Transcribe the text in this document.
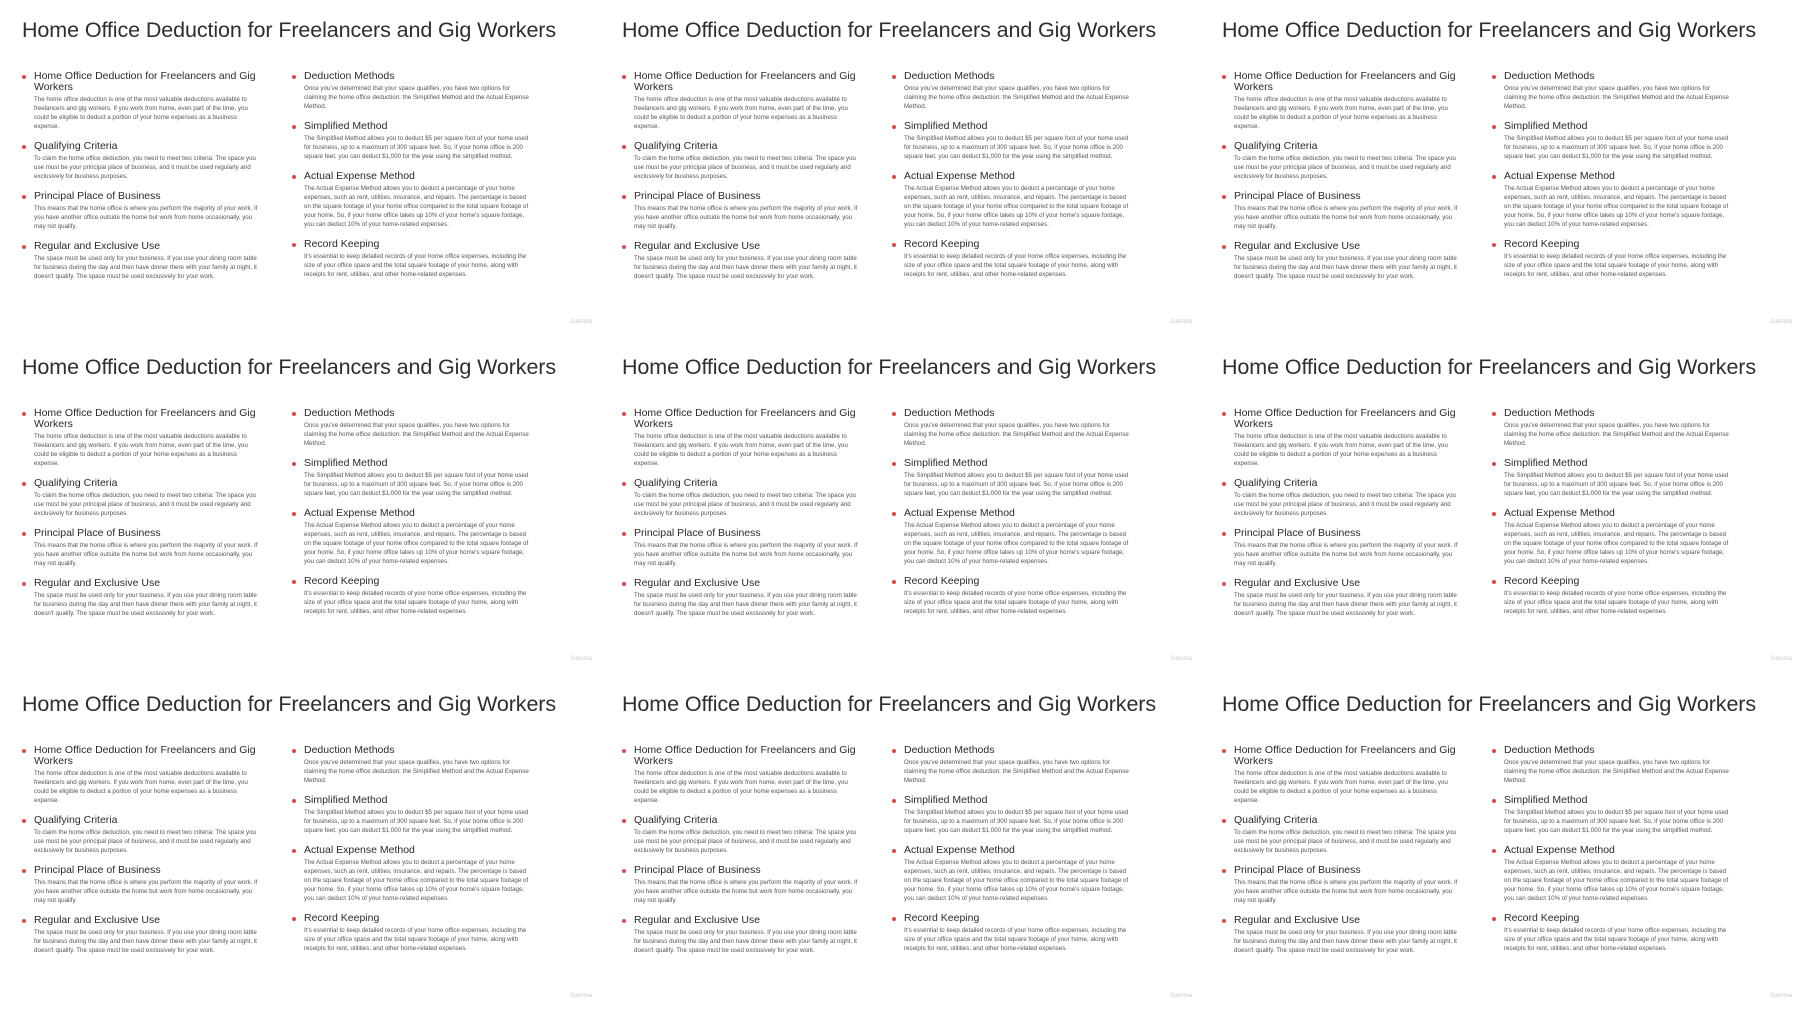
Home Office Deduction for Freelancers and Gig Workers
Home Office Deduction for Freelancers and Gig Workers
The home office deduction is one of the most valuable deductions available to freelancers and gig workers. If you work from home, even part of the time, you could be eligible to deduct a portion of your home expenses as a business expense.
Qualifying Criteria
To claim the home office deduction, you need to meet two criteria: The space you use must be your principal place of business, and it must be used regularly and exclusively for business purposes.
Principal Place of Business
This means that the home office is where you perform the majority of your work. If you have another office outside the home but work from home occasionally, you may not qualify.
Regular and Exclusive Use
The space must be used only for your business. If you use your dining room table for business during the day and then have dinner there with your family at night, it doesn't qualify. The space must be used exclusively for your work.
Deduction Methods
Once you've determined that your space qualifies, you have two options for claiming the home office deduction: the Simplified Method and the Actual Expense Method.
Simplified Method
The Simplified Method allows you to deduct $5 per square foot of your home used for business, up to a maximum of 300 square feet. So, if your home office is 200 square feet, you can deduct $1,000 for the year using the simplified method.
Actual Expense Method
The Actual Expense Method allows you to deduct a percentage of your home expenses, such as rent, utilities, insurance, and repairs. The percentage is based on the square footage of your home office compared to the total square footage of your home. So, if your home office takes up 10% of your home's square footage, you can deduct 10% of your home-related expenses.
Record Keeping
It's essential to keep detailed records of your home office expenses, including the size of your office space and the total square footage of your home, along with receipts for rent, utilities, and other home-related expenses.
Gamma
Home Office Deduction for Freelancers and Gig Workers
Home Office Deduction for Freelancers and Gig Workers
The home office deduction is one of the most valuable deductions available to freelancers and gig workers. If you work from home, even part of the time, you could be eligible to deduct a portion of your home expenses as a business expense.
Qualifying Criteria
To claim the home office deduction, you need to meet two criteria: The space you use must be your principal place of business, and it must be used regularly and exclusively for business purposes.
Principal Place of Business
This means that the home office is where you perform the majority of your work. If you have another office outside the home but work from home occasionally, you may not qualify.
Regular and Exclusive Use
The space must be used only for your business. If you use your dining room table for business during the day and then have dinner there with your family at night, it doesn't qualify. The space must be used exclusively for your work.
Deduction Methods
Once you've determined that your space qualifies, you have two options for claiming the home office deduction: the Simplified Method and the Actual Expense Method.
Simplified Method
The Simplified Method allows you to deduct $5 per square foot of your home used for business, up to a maximum of 300 square feet. So, if your home office is 200 square feet, you can deduct $1,000 for the year using the simplified method.
Actual Expense Method
The Actual Expense Method allows you to deduct a percentage of your home expenses, such as rent, utilities, insurance, and repairs. The percentage is based on the square footage of your home office compared to the total square footage of your home. So, if your home office takes up 10% of your home's square footage, you can deduct 10% of your home-related expenses.
Record Keeping
It's essential to keep detailed records of your home office expenses, including the size of your office space and the total square footage of your home, along with receipts for rent, utilities, and other home-related expenses.
Gamma
Home Office Deduction for Freelancers and Gig Workers
Home Office Deduction for Freelancers and Gig Workers
The home office deduction is one of the most valuable deductions available to freelancers and gig workers. If you work from home, even part of the time, you could be eligible to deduct a portion of your home expenses as a business expense.
Qualifying Criteria
To claim the home office deduction, you need to meet two criteria: The space you use must be your principal place of business, and it must be used regularly and exclusively for business purposes.
Principal Place of Business
This means that the home office is where you perform the majority of your work. If you have another office outside the home but work from home occasionally, you may not qualify.
Regular and Exclusive Use
The space must be used only for your business. If you use your dining room table for business during the day and then have dinner there with your family at night, it doesn't qualify. The space must be used exclusively for your work.
Deduction Methods
Once you've determined that your space qualifies, you have two options for claiming the home office deduction: the Simplified Method and the Actual Expense Method.
Simplified Method
The Simplified Method allows you to deduct $5 per square foot of your home used for business, up to a maximum of 300 square feet. So, if your home office is 200 square feet, you can deduct $1,000 for the year using the simplified method.
Actual Expense Method
The Actual Expense Method allows you to deduct a percentage of your home expenses, such as rent, utilities, insurance, and repairs. The percentage is based on the square footage of your home office compared to the total square footage of your home. So, if your home office takes up 10% of your home's square footage, you can deduct 10% of your home-related expenses.
Record Keeping
It's essential to keep detailed records of your home office expenses, including the size of your office space and the total square footage of your home, along with receipts for rent, utilities, and other home-related expenses.
Gamma
Home Office Deduction for Freelancers and Gig Workers
Home Office Deduction for Freelancers and Gig Workers
The home office deduction is one of the most valuable deductions available to freelancers and gig workers. If you work from home, even part of the time, you could be eligible to deduct a portion of your home expenses as a business expense.
Qualifying Criteria
To claim the home office deduction, you need to meet two criteria: The space you use must be your principal place of business, and it must be used regularly and exclusively for business purposes.
Principal Place of Business
This means that the home office is where you perform the majority of your work. If you have another office outside the home but work from home occasionally, you may not qualify.
Regular and Exclusive Use
The space must be used only for your business. If you use your dining room table for business during the day and then have dinner there with your family at night, it doesn't qualify. The space must be used exclusively for your work.
Deduction Methods
Once you've determined that your space qualifies, you have two options for claiming the home office deduction: the Simplified Method and the Actual Expense Method.
Simplified Method
The Simplified Method allows you to deduct $5 per square foot of your home used for business, up to a maximum of 300 square feet. So, if your home office is 200 square feet, you can deduct $1,000 for the year using the simplified method.
Actual Expense Method
The Actual Expense Method allows you to deduct a percentage of your home expenses, such as rent, utilities, insurance, and repairs. The percentage is based on the square footage of your home office compared to the total square footage of your home. So, if your home office takes up 10% of your home's square footage, you can deduct 10% of your home-related expenses.
Record Keeping
It's essential to keep detailed records of your home office expenses, including the size of your office space and the total square footage of your home, along with receipts for rent, utilities, and other home-related expenses.
Gamma
Home Office Deduction for Freelancers and Gig Workers
Home Office Deduction for Freelancers and Gig Workers
The home office deduction is one of the most valuable deductions available to freelancers and gig workers. If you work from home, even part of the time, you could be eligible to deduct a portion of your home expenses as a business expense.
Qualifying Criteria
To claim the home office deduction, you need to meet two criteria: The space you use must be your principal place of business, and it must be used regularly and exclusively for business purposes.
Principal Place of Business
This means that the home office is where you perform the majority of your work. If you have another office outside the home but work from home occasionally, you may not qualify.
Regular and Exclusive Use
The space must be used only for your business. If you use your dining room table for business during the day and then have dinner there with your family at night, it doesn't qualify. The space must be used exclusively for your work.
Deduction Methods
Once you've determined that your space qualifies, you have two options for claiming the home office deduction: the Simplified Method and the Actual Expense Method.
Simplified Method
The Simplified Method allows you to deduct $5 per square foot of your home used for business, up to a maximum of 300 square feet. So, if your home office is 200 square feet, you can deduct $1,000 for the year using the simplified method.
Actual Expense Method
The Actual Expense Method allows you to deduct a percentage of your home expenses, such as rent, utilities, insurance, and repairs. The percentage is based on the square footage of your home office compared to the total square footage of your home. So, if your home office takes up 10% of your home's square footage, you can deduct 10% of your home-related expenses.
Record Keeping
It's essential to keep detailed records of your home office expenses, including the size of your office space and the total square footage of your home, along with receipts for rent, utilities, and other home-related expenses.
Gamma
Home Office Deduction for Freelancers and Gig Workers
Home Office Deduction for Freelancers and Gig Workers
The home office deduction is one of the most valuable deductions available to freelancers and gig workers. If you work from home, even part of the time, you could be eligible to deduct a portion of your home expenses as a business expense.
Qualifying Criteria
To claim the home office deduction, you need to meet two criteria: The space you use must be your principal place of business, and it must be used regularly and exclusively for business purposes.
Principal Place of Business
This means that the home office is where you perform the majority of your work. If you have another office outside the home but work from home occasionally, you may not qualify.
Regular and Exclusive Use
The space must be used only for your business. If you use your dining room table for business during the day and then have dinner there with your family at night, it doesn't qualify. The space must be used exclusively for your work.
Deduction Methods
Once you've determined that your space qualifies, you have two options for claiming the home office deduction: the Simplified Method and the Actual Expense Method.
Simplified Method
The Simplified Method allows you to deduct $5 per square foot of your home used for business, up to a maximum of 300 square feet. So, if your home office is 200 square feet, you can deduct $1,000 for the year using the simplified method.
Actual Expense Method
The Actual Expense Method allows you to deduct a percentage of your home expenses, such as rent, utilities, insurance, and repairs. The percentage is based on the square footage of your home office compared to the total square footage of your home. So, if your home office takes up 10% of your home's square footage, you can deduct 10% of your home-related expenses.
Record Keeping
It's essential to keep detailed records of your home office expenses, including the size of your office space and the total square footage of your home, along with receipts for rent, utilities, and other home-related expenses.
Gamma
Home Office Deduction for Freelancers and Gig Workers
Home Office Deduction for Freelancers and Gig Workers
The home office deduction is one of the most valuable deductions available to freelancers and gig workers. If you work from home, even part of the time, you could be eligible to deduct a portion of your home expenses as a business expense.
Qualifying Criteria
To claim the home office deduction, you need to meet two criteria: The space you use must be your principal place of business, and it must be used regularly and exclusively for business purposes.
Principal Place of Business
This means that the home office is where you perform the majority of your work. If you have another office outside the home but work from home occasionally, you may not qualify.
Regular and Exclusive Use
The space must be used only for your business. If you use your dining room table for business during the day and then have dinner there with your family at night, it doesn't qualify. The space must be used exclusively for your work.
Deduction Methods
Once you've determined that your space qualifies, you have two options for claiming the home office deduction: the Simplified Method and the Actual Expense Method.
Simplified Method
The Simplified Method allows you to deduct $5 per square foot of your home used for business, up to a maximum of 300 square feet. So, if your home office is 200 square feet, you can deduct $1,000 for the year using the simplified method.
Actual Expense Method
The Actual Expense Method allows you to deduct a percentage of your home expenses, such as rent, utilities, insurance, and repairs. The percentage is based on the square footage of your home office compared to the total square footage of your home. So, if your home office takes up 10% of your home's square footage, you can deduct 10% of your home-related expenses.
Record Keeping
It's essential to keep detailed records of your home office expenses, including the size of your office space and the total square footage of your home, along with receipts for rent, utilities, and other home-related expenses.
Gamma
Home Office Deduction for Freelancers and Gig Workers
Home Office Deduction for Freelancers and Gig Workers
The home office deduction is one of the most valuable deductions available to freelancers and gig workers. If you work from home, even part of the time, you could be eligible to deduct a portion of your home expenses as a business expense.
Qualifying Criteria
To claim the home office deduction, you need to meet two criteria: The space you use must be your principal place of business, and it must be used regularly and exclusively for business purposes.
Principal Place of Business
This means that the home office is where you perform the majority of your work. If you have another office outside the home but work from home occasionally, you may not qualify.
Regular and Exclusive Use
The space must be used only for your business. If you use your dining room table for business during the day and then have dinner there with your family at night, it doesn't qualify. The space must be used exclusively for your work.
Deduction Methods
Once you've determined that your space qualifies, you have two options for claiming the home office deduction: the Simplified Method and the Actual Expense Method.
Simplified Method
The Simplified Method allows you to deduct $5 per square foot of your home used for business, up to a maximum of 300 square feet. So, if your home office is 200 square feet, you can deduct $1,000 for the year using the simplified method.
Actual Expense Method
The Actual Expense Method allows you to deduct a percentage of your home expenses, such as rent, utilities, insurance, and repairs. The percentage is based on the square footage of your home office compared to the total square footage of your home. So, if your home office takes up 10% of your home's square footage, you can deduct 10% of your home-related expenses.
Record Keeping
It's essential to keep detailed records of your home office expenses, including the size of your office space and the total square footage of your home, along with receipts for rent, utilities, and other home-related expenses.
Gamma
Home Office Deduction for Freelancers and Gig Workers
Home Office Deduction for Freelancers and Gig Workers
The home office deduction is one of the most valuable deductions available to freelancers and gig workers. If you work from home, even part of the time, you could be eligible to deduct a portion of your home expenses as a business expense.
Qualifying Criteria
To claim the home office deduction, you need to meet two criteria: The space you use must be your principal place of business, and it must be used regularly and exclusively for business purposes.
Principal Place of Business
This means that the home office is where you perform the majority of your work. If you have another office outside the home but work from home occasionally, you may not qualify.
Regular and Exclusive Use
The space must be used only for your business. If you use your dining room table for business during the day and then have dinner there with your family at night, it doesn't qualify. The space must be used exclusively for your work.
Deduction Methods
Once you've determined that your space qualifies, you have two options for claiming the home office deduction: the Simplified Method and the Actual Expense Method.
Simplified Method
The Simplified Method allows you to deduct $5 per square foot of your home used for business, up to a maximum of 300 square feet. So, if your home office is 200 square feet, you can deduct $1,000 for the year using the simplified method.
Actual Expense Method
The Actual Expense Method allows you to deduct a percentage of your home expenses, such as rent, utilities, insurance, and repairs. The percentage is based on the square footage of your home office compared to the total square footage of your home. So, if your home office takes up 10% of your home's square footage, you can deduct 10% of your home-related expenses.
Record Keeping
It's essential to keep detailed records of your home office expenses, including the size of your office space and the total square footage of your home, along with receipts for rent, utilities, and other home-related expenses.
Gamma
